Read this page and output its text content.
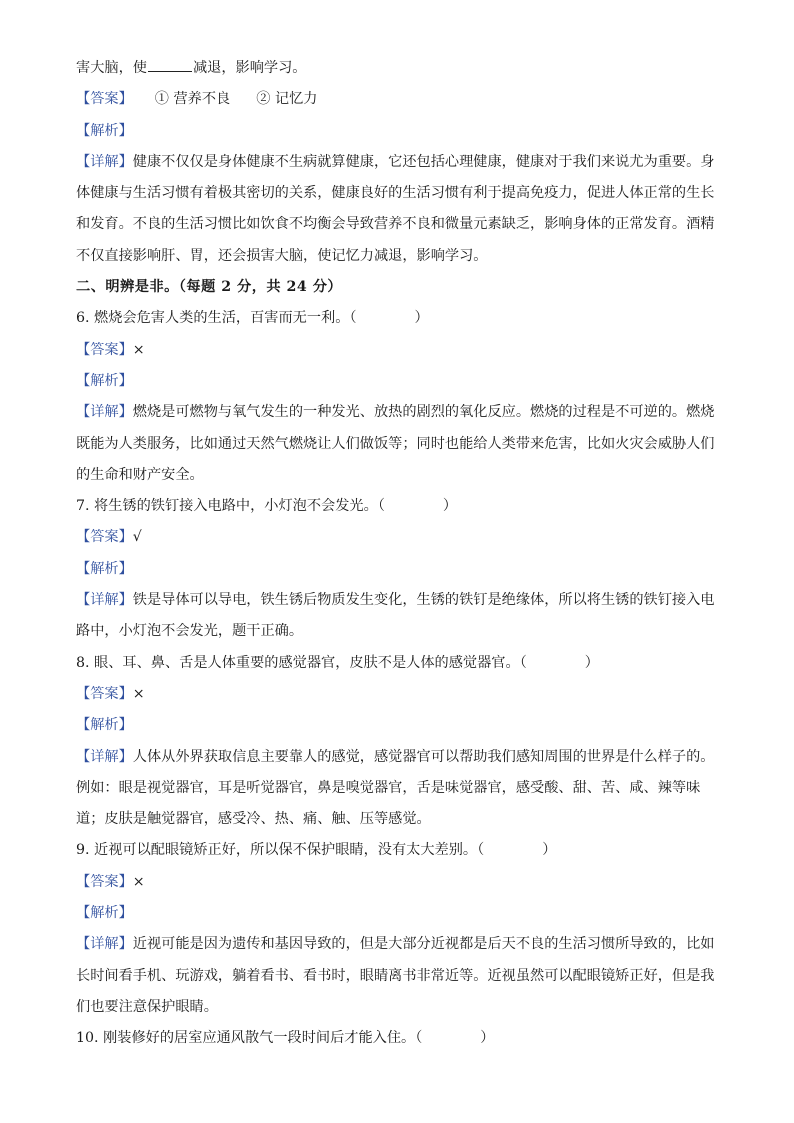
害大脑，使	减退，影响学习。
【答案】 ① 营养不良 ② 记忆力
【解析】
【详解】健康不仅仅是身体健康不生病就算健康，它还包括心理健康，健康对于我们来说尤为重要。身
体健康与生活习惯有着极其密切的关系，健康良好的生活习惯有利于提高免疫力，促进人体正常的生长
和发育。不良的生活习惯比如饮食不均衡会导致营养不良和微量元素缺乏，影响身体的正常发育。酒精
不仅直接影响肝、胃，还会损害大脑，使记忆力减退，影响学习。
二、明辨是非。（每题 2 分，共 24 分）
6. 燃烧会危害人类的生活，百害而无一利。（	）
【答案】×
【解析】
【详解】燃烧是可燃物与氧气发生的一种发光、放热的剧烈的氧化反应。燃烧的过程是不可逆的。燃烧
既能为人类服务，比如通过天然气燃烧让人们做饭等；同时也能给人类带来危害，比如火灾会威胁人们
的生命和财产安全。
7. 将生锈的铁钉接入电路中，小灯泡不会发光。（	）
【答案】√
【解析】
【详解】铁是导体可以导电，铁生锈后物质发生变化，生锈的铁钉是绝缘体，所以将生锈的铁钉接入电
路中，小灯泡不会发光，题干正确。
8. 眼、耳、鼻、舌是人体重要的感觉器官，皮肤不是人体的感觉器官。（	）
【答案】×
【解析】
【详解】人体从外界获取信息主要靠人的感觉，感觉器官可以帮助我们感知周围的世界是什么样子的。
例如：眼是视觉器官，耳是听觉器官，鼻是嗅觉器官，舌是味觉器官，感受酸、甜、苦、咸、辣等味
道；皮肤是触觉器官，感受冷、热、痛、触、压等感觉。
9. 近视可以配眼镜矫正好，所以保不保护眼睛，没有太大差别。（	）
【答案】×
【解析】
【详解】近视可能是因为遗传和基因导致的，但是大部分近视都是后天不良的生活习惯所导致的，比如
长时间看手机、玩游戏，躺着看书、看书时，眼睛离书非常近等。近视虽然可以配眼镜矫正好，但是我
们也要注意保护眼睛。
10. 刚装修好的居室应通风散气一段时间后才能入住。（	）
